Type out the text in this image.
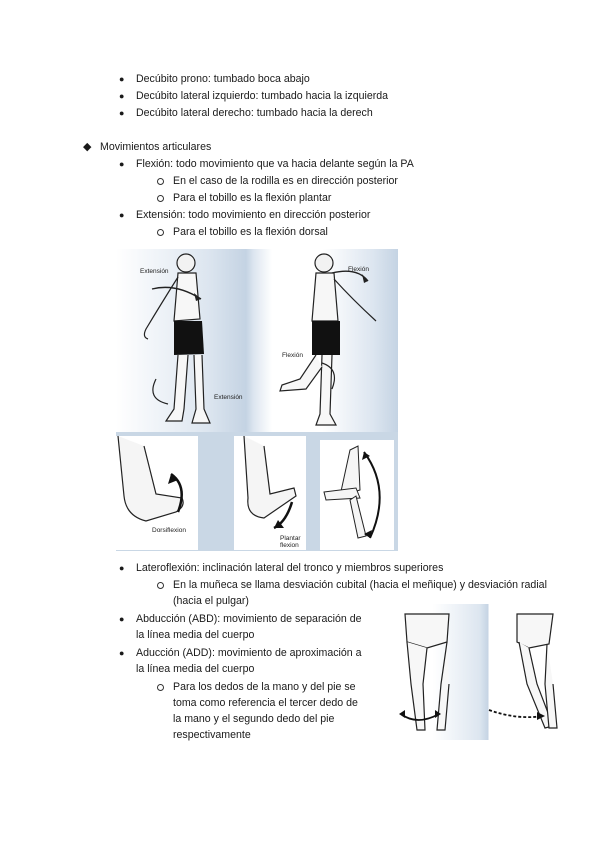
● Decúbito prono: tumbado boca abajo
● Decúbito lateral izquierdo: tumbado hacia la izquierda
● Decúbito lateral derecho: tumbado hacia la derech
◆ Movimientos articulares
● Flexión: todo movimiento que va hacia delante según la PA
En el caso de la rodilla es en dirección posterior
Para el tobillo es la flexión plantar
● Extensión: todo movimiento en dirección posterior
Para el tobillo es la flexión dorsal
Extensión
Extensión
Flexión
Flexión
Dorsiflexion
Plantar
flexion
● Lateroflexión: inclinación lateral del tronco y miembros superiores
En la muñeca se llama desviación cubital (hacia el meñique) y desviación radial (hacia el pulgar)
● Abducción (ABD): movimiento de separación de la línea media del cuerpo
● Aducción (ADD): movimiento de aproximación a la línea media del cuerpo
Para los dedos de la mano y del pie se toma como referencia el tercer dedo de la mano y el segundo dedo del pie respectivamente
